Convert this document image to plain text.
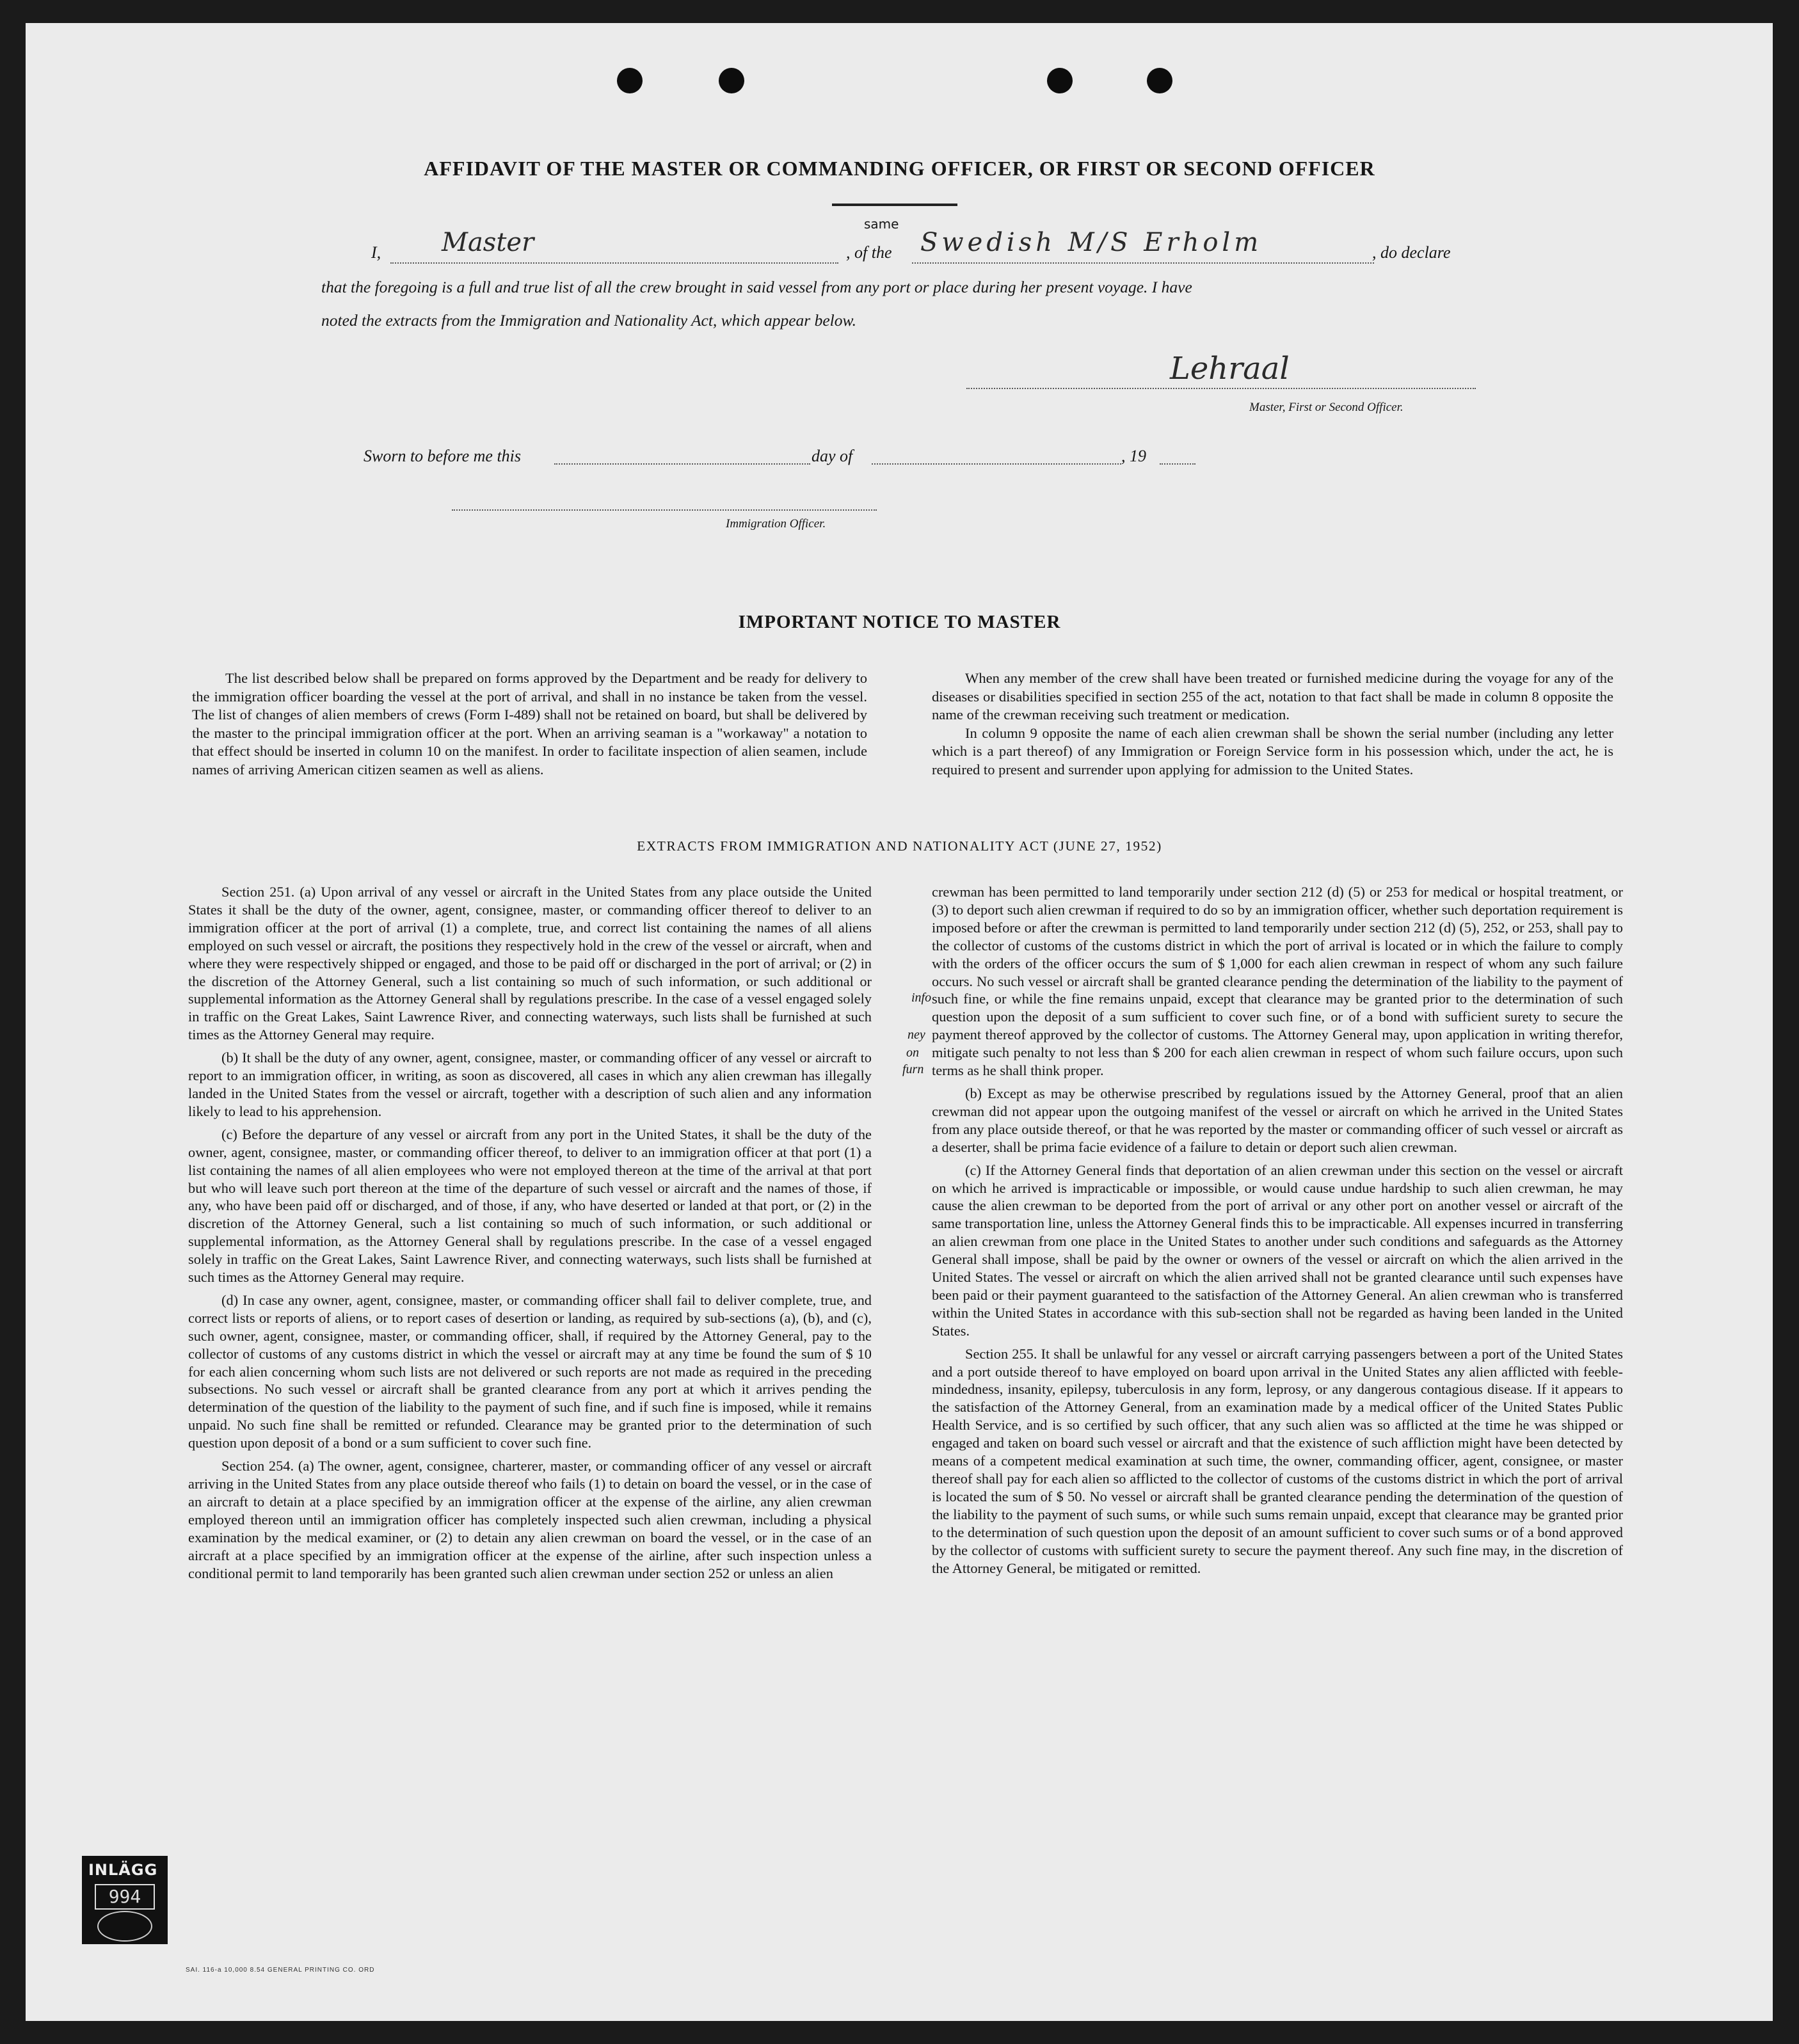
AFFIDAVIT OF THE MASTER OR COMMANDING OFFICER, OR FIRST OR SECOND OFFICER
I, Master
same
, of the Swedish M/S Erholm	, do declare
that the foregoing is a full and true list of all the crew brought in said vessel from any port or place during her present voyage. I have
noted the extracts from the Immigration and Nationality Act, which appear below.
Lehraal
Master, First or Second Officer.
Sworn to before me this	day of	, 19
Immigration Officer.
IMPORTANT NOTICE TO MASTER

The list described below shall be prepared on forms approved by the Department and be ready for delivery to the immigration officer boarding the vessel at the port of arrival, and shall in no instance be taken from the vessel. The list of changes of alien members of crews (Form I-489) shall not be retained on board, but shall be delivered by the master to the principal immigration officer at the port. When an arriving seaman is a "workaway" a notation to that effect should be inserted in column 10 on the manifest. In order to facilitate inspection of alien seamen, include names of arriving American citizen seamen as well as aliens.

When any member of the crew shall have been treated or furnished medicine during the voyage for any of the diseases or disabilities specified in section 255 of the act, notation to that fact shall be made in column 8 opposite the name of the crewman receiving such treatment or medication.

In column 9 opposite the name of each alien crewman shall be shown the serial number (including any letter which is a part thereof) of any Immigration or Foreign Service form in his possession which, under the act, he is required to present and surrender upon applying for admission to the United States.

EXTRACTS FROM IMMIGRATION AND NATIONALITY ACT (JUNE 27, 1952)

Section 251. (a) Upon arrival of any vessel or aircraft in the United States from any place outside the United States it shall be the duty of the owner, agent, consignee, master, or commanding officer thereof to deliver to an immigration officer at the port of arrival (1) a complete, true, and correct list containing the names of all aliens employed on such vessel or aircraft, the positions they respectively hold in the crew of the vessel or aircraft, when and where they were respectively shipped or engaged, and those to be paid off or discharged in the port of arrival; or (2) in the discretion of the Attorney General, such a list containing so much of such information, or such additional or supplemental information as the Attorney General shall by regulations prescribe. In the case of a vessel engaged solely in traffic on the Great Lakes, Saint Lawrence River, and connecting waterways, such lists shall be furnished at such times as the Attorney General may require.

(b) It shall be the duty of any owner, agent, consignee, master, or commanding officer of any vessel or aircraft to report to an immigration officer, in writing, as soon as discovered, all cases in which any alien crewman has illegally landed in the United States from the vessel or aircraft, together with a description of such alien and any information likely to lead to his apprehension.

(c) Before the departure of any vessel or aircraft from any port in the United States, it shall be the duty of the owner, agent, consignee, master, or commanding officer thereof, to deliver to an immigration officer at that port (1) a list containing the names of all alien employees who were not employed thereon at the time of the arrival at that port but who will leave such port thereon at the time of the departure of such vessel or aircraft and the names of those, if any, who have been paid off or discharged, and of those, if any, who have deserted or landed at that port, or (2) in the discretion of the Attorney General, such a list containing so much of such information, or such additional or supplemental information, as the Attorney General shall by regulations prescribe. In the case of a vessel engaged solely in traffic on the Great Lakes, Saint Lawrence River, and connecting waterways, such lists shall be furnished at such times as the Attorney General may require.

(d) In case any owner, agent, consignee, master, or commanding officer shall fail to deliver complete, true, and correct lists or reports of aliens, or to report cases of desertion or landing, as required by sub-sections (a), (b), and (c), such owner, agent, consignee, master, or commanding officer, shall, if required by the Attorney General, pay to the collector of customs of any customs district in which the vessel or aircraft may at any time be found the sum of $ 10 for each alien concerning whom such lists are not delivered or such reports are not made as required in the preceding subsections. No such vessel or aircraft shall be granted clearance from any port at which it arrives pending the determination of the question of the liability to the payment of such fine, and if such fine is imposed, while it remains unpaid. No such fine shall be remitted or refunded. Clearance may be granted prior to the determination of such question upon deposit of a bond or a sum sufficient to cover such fine.

Section 254. (a) The owner, agent, consignee, charterer, master, or commanding officer of any vessel or aircraft arriving in the United States from any place outside thereof who fails (1) to detain on board the vessel, or in the case of an aircraft to detain at a place specified by an immigration officer at the expense of the airline, any alien crewman employed thereon until an immigration officer has completely inspected such alien crewman, including a physical examination by the medical examiner, or (2) to detain any alien crewman on board the vessel, or in the case of an aircraft at a place specified by an immigration officer at the expense of the airline, after such inspection unless a conditional permit to land temporarily has been granted such alien crewman under section 252 or unless an alien

crewman has been permitted to land temporarily under section 212 (d) (5) or 253 for medical or hospital treatment, or (3) to deport such alien crewman if required to do so by an immigration officer, whether such deportation requirement is imposed before or after the crewman is permitted to land temporarily under section 212 (d) (5), 252, or 253, shall pay to the collector of customs of the customs district in which the port of arrival is located or in which the failure to comply with the orders of the officer occurs the sum of $ 1,000 for each alien crewman in respect of whom any such failure occurs. No such vessel or aircraft shall be granted clearance pending the determination of the liability to the payment of such fine, or while the fine remains unpaid, except that clearance may be granted prior to the determination of such question upon the deposit of a sum sufficient to cover such fine, or of a bond with sufficient surety to secure the payment thereof approved by the collector of customs. The Attorney General may, upon application in writing therefor, mitigate such penalty to not less than $ 200 for each alien crewman in respect of whom such failure occurs, upon such terms as he shall think proper.

(b) Except as may be otherwise prescribed by regulations issued by the Attorney General, proof that an alien crewman did not appear upon the outgoing manifest of the vessel or aircraft on which he arrived in the United States from any place outside thereof, or that he was reported by the master or commanding officer of such vessel or aircraft as a deserter, shall be prima facie evidence of a failure to detain or deport such alien crewman.

(c) If the Attorney General finds that deportation of an alien crewman under this section on the vessel or aircraft on which he arrived is impracticable or impossible, or would cause undue hardship to such alien crewman, he may cause the alien crewman to be deported from the port of arrival or any other port on another vessel or aircraft of the same transportation line, unless the Attorney General finds this to be impracticable. All expenses incurred in transferring an alien crewman from one place in the United States to another under such conditions and safeguards as the Attorney General shall impose, shall be paid by the owner or owners of the vessel or aircraft on which the alien arrived in the United States. The vessel or aircraft on which the alien arrived shall not be granted clearance until such expenses have been paid or their payment guaranteed to the satisfaction of the Attorney General. An alien crewman who is transferred within the United States in accordance with this sub-section shall not be regarded as having been landed in the United States.

Section 255. It shall be unlawful for any vessel or aircraft carrying passengers between a port of the United States and a port outside thereof to have employed on board upon arrival in the United States any alien afflicted with feeble-mindedness, insanity, epilepsy, tuberculosis in any form, leprosy, or any dangerous contagious disease. If it appears to the satisfaction of the Attorney General, from an examination made by a medical officer of the United States Public Health Service, and is so certified by such officer, that any such alien was so afflicted at the time he was shipped or engaged and taken on board such vessel or aircraft and that the existence of such affliction might have been detected by means of a competent medical examination at such time, the owner, commanding officer, agent, consignee, or master thereof shall pay for each alien so afflicted to the collector of customs of the customs district in which the port of arrival is located the sum of $ 50. No vessel or aircraft shall be granted clearance pending the determination of the question of the liability to the payment of such sums, or while such sums remain unpaid, except that clearance may be granted prior to the determination of such question upon the deposit of an amount sufficient to cover such sums or of a bond approved by the collector of customs with sufficient surety to secure the payment thereof. Any such fine may, in the discretion of the Attorney General, be mitigated or remitted.

info
ney
on
furn
INLÄGG
994
SAI. 116-a 10,000 8.54 GENERAL PRINTING CO. ORD
